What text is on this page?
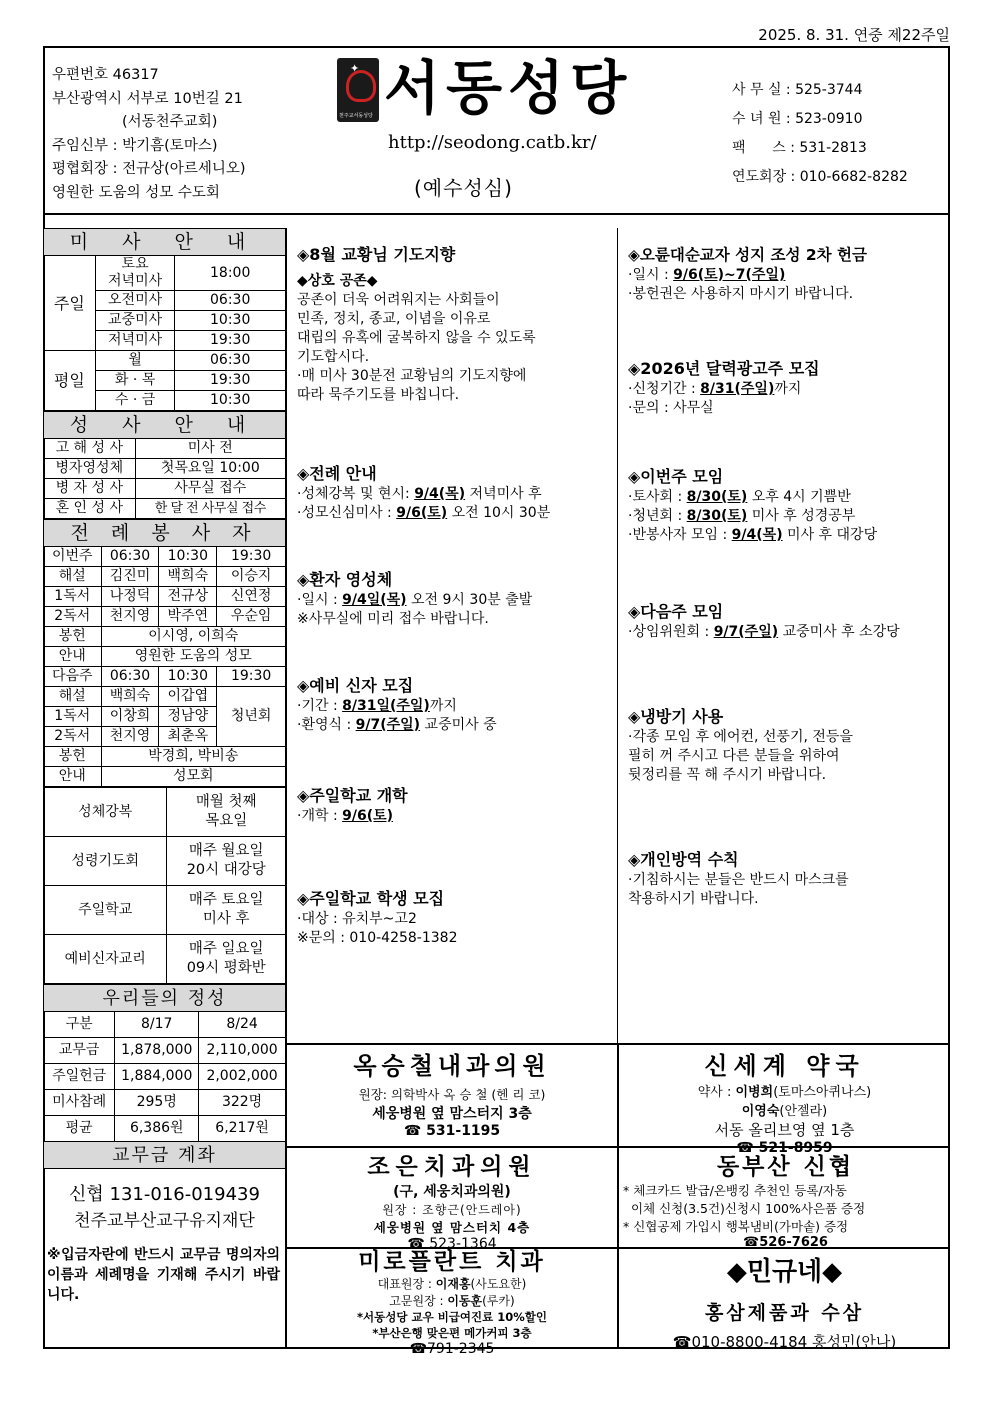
2025. 8. 31. 연중 제22주일
우편번호 46317
부산광역시 서부로 10번길 21
(서동천주교회)
주임신부 : 박기흠(토마스)
평협회장 : 전규상(아르세니오)
영원한 도움의 성모 수도회
✦
천주교서동성당 서동성당
http://seodong.catb.kr/
(예수성심)
사 무 실 : 525-3744
수 녀 원 : 523-0910
팩      스 : 531-2813
연도회장 : 010-6682-8282
미 사 안 내		
주일	토요
저녁미사	18:00
	오전미사	06:30
	교중미사	10:30
	저녁미사	19:30
평일	월	06:30
	화 · 목	19:30
	수 · 금	10:30
성 사 안 내	
고 해 성 사	미사 전
병자영성체	첫목요일 10:00
병 자 성 사	사무실 접수
혼 인 성 사	한 달 전 사무실 접수
전 례 봉 사 자			
이번주	06:30	10:30	19:30
해설	김진미	백희숙	이승지
1독서	나정덕	전규상	신연정
2독서	천지영	박주연	우순임
봉헌	이시영, 이희숙		
안내	영원한 도움의 성모		
다음주	06:30	10:30	19:30
해설	백희숙	이갑엽	청년회
1독서	이창희	정남양	
2독서	천지영	최춘옥	
봉헌	박경희, 박비송		
안내	성모회		
성체강복	매월 첫째
목요일
성령기도회	매주 월요일
20시 대강당
주일학교	매주 토요일
미사 후
예비신자교리	매주 일요일
09시 평화반
우리들의 정성		
구분	8/17	8/24
교무금	1,878,000	2,110,000
주일헌금	1,884,000	2,002,000
미사참례	295명	322명
평균	6,386원	6,217원
교무금 계좌		
신협 131-016-019439
천주교부산교구유지재단
※입금자란에 반드시 교무금 명의자의 이름과 세례명을 기재해 주시기 바랍니다.
◈8월 교황님 기도지향

◆상호 공존◆

공존이 더욱 어려워지는 사회들이
민족, 정치, 종교, 이념을 이유로
대립의 유혹에 굴복하지 않을 수 있도록
기도합시다.
·매 미사 30분전 교황님의 기도지향에
따라 묵주기도를 바칩니다.

◈전례 안내

·성체강복 및 현시: 9/4(목) 저녁미사 후

·성모신심미사 : 9/6(토) 오전 10시 30분

◈환자 영성체

·일시 : 9/4일(목) 오전 9시 30분 출발

※사무실에 미리 접수 바랍니다.

◈예비 신자 모집

·기간 : 8/31일(주일)까지

·환영식 : 9/7(주일) 교중미사 중

◈주일학교 개학

·개학 : 9/6(토)

◈주일학교 학생 모집

·대상 : 유치부~고2

※문의 : 010-4258-1382

◈오륜대순교자 성지 조성 2차 헌금

·일시 : 9/6(토)~7(주일)

·봉헌권은 사용하지 마시기 바랍니다.

◈2026년 달력광고주 모집

·신청기간 : 8/31(주일)까지

·문의 : 사무실

◈이번주 모임

·토사회 : 8/30(토) 오후 4시 기쁨반

·청년회 : 8/30(토) 미사 후 성경공부

·반봉사자 모임 : 9/4(목) 미사 후 대강당

◈다음주 모임

·상임위원회 : 9/7(주일) 교중미사 후 소강당

◈냉방기 사용

·각종 모임 후 에어컨, 선풍기, 전등을
필히 꺼 주시고 다른 분들을 위하여
뒷정리를 꼭 해 주시기 바랍니다.

◈개인방역 수칙

·기침하시는 분들은 반드시 마스크를
착용하시기 바랍니다.

옥승철내과의원
원장: 의학박사 옥 승 철 (헨 리 코)
세웅병원 옆 맘스터지 3층
☎ 531-1195
신세계 약국
약사 : 이병희(토마스아퀴나스)
이영숙(안젤라)
서동 올리브영 옆 1층
☎ 521-8959
조은치과의원
(구, 세웅치과의원)
원장 : 조향근(안드레아)
세웅병원 옆 맘스터치 4층
☎ 523-1364
동부산 신협
* 체크카드 발급/온뱅킹 추천인 등록/자동
이체 신청(3.5건)신청시 100%사은품 증정
* 신협공제 가입시 행복냄비(가마솥) 증정
☎526-7626
미로플란트 치과
대표원장 : 이재홍(사도요한)
고문원장 : 이동훈(루카)
*서동성당 교우 비급여진료 10%할인
*부산은행 맞은편 메가커피 3층
☎791-2345
◆민규네◆
홍삼제품과 수삼
☎010-8800-4184 홍성민(안나)
